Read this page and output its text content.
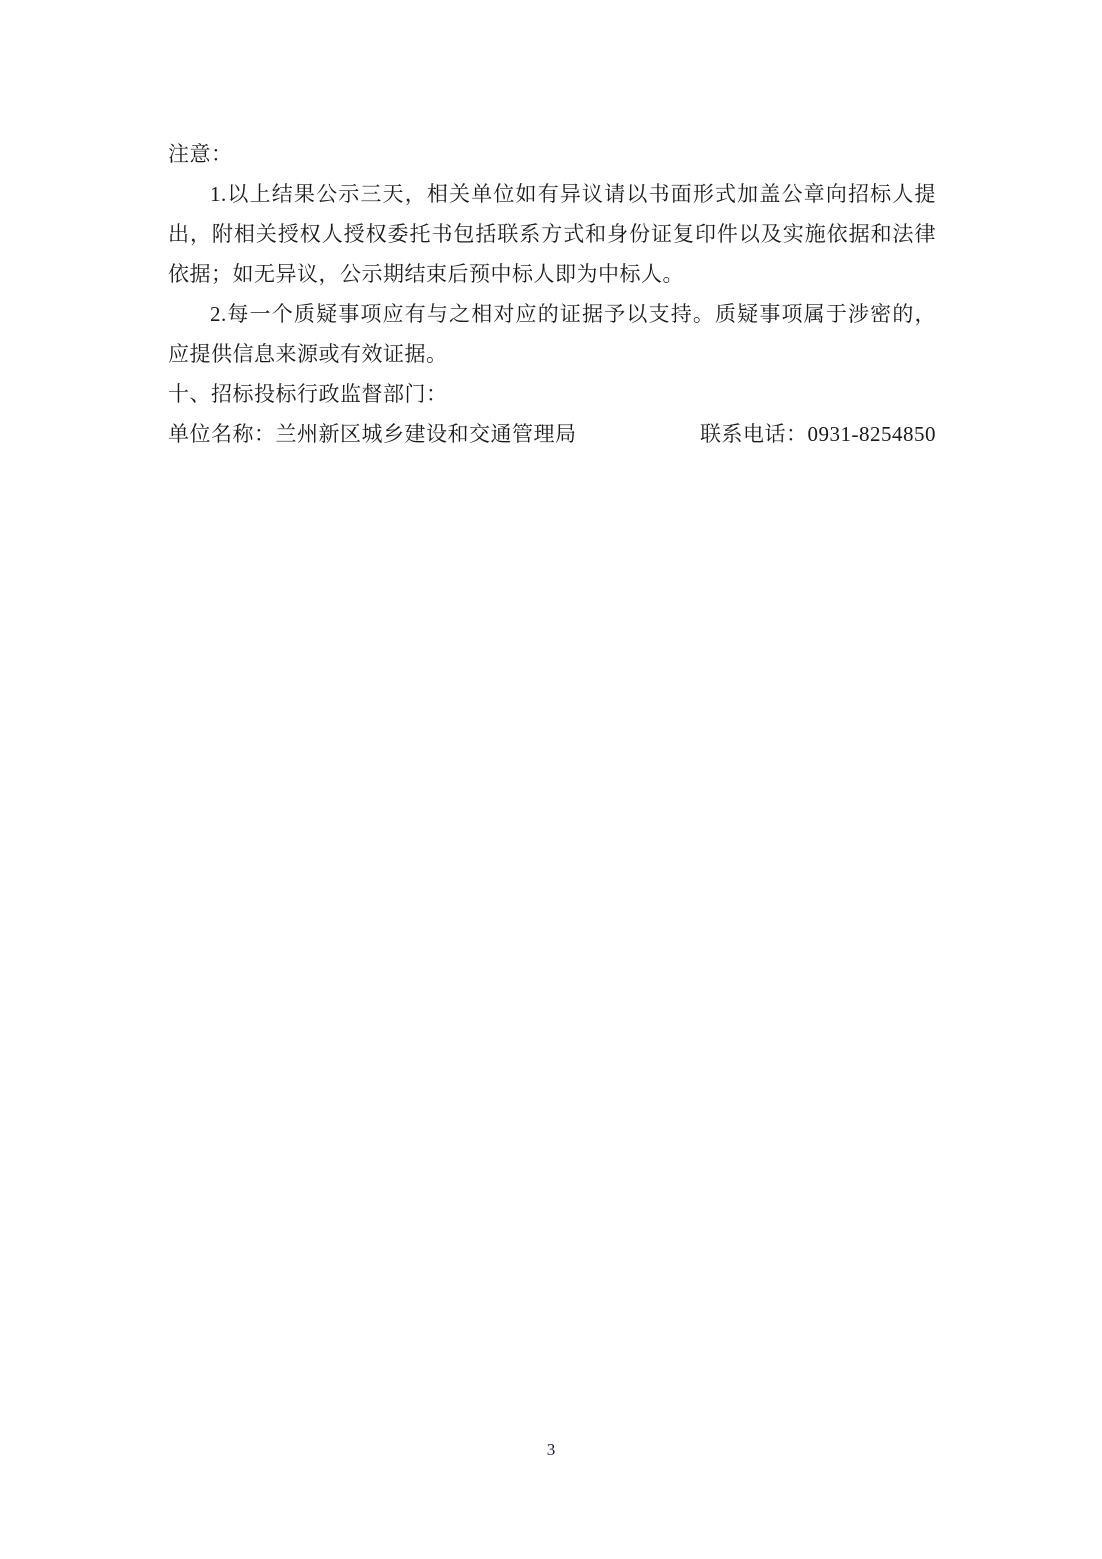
注意：

1.以上结果公示三天，相关单位如有异议请以书面形式加盖公章向招标人提出，附相关授权人授权委托书包括联系方式和身份证复印件以及实施依据和法律依据；如无异议，公示期结束后预中标人即为中标人。

2.每一个质疑事项应有与之相对应的证据予以支持。质疑事项属于涉密的，应提供信息来源或有效证据。

十、招标投标行政监督部门：

单位名称：兰州新区城乡建设和交通管理局	联系电话：0931-8254850
3
